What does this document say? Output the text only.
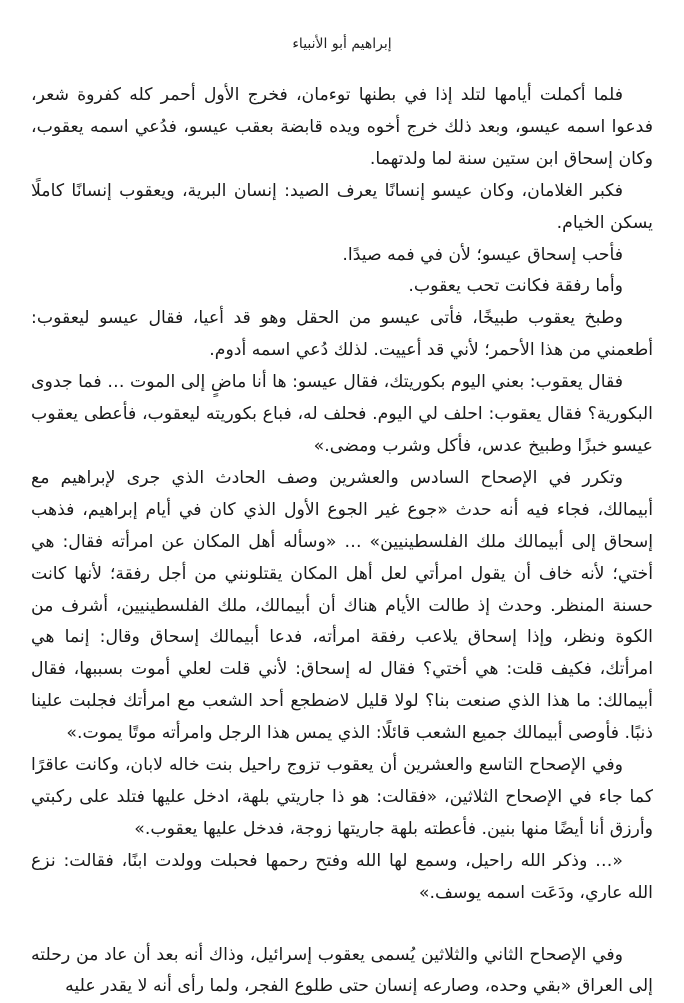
إبراهيم أبو الأنبياء

فلما أكملت أيامها لتلد إذا في بطنها توءمان، فخرج الأول أحمر كله كفروة شعر، فدعوا اسمه عيسو، وبعد ذلك خرج أخوه ويده قابضة بعقب عيسو، فدُعي اسمه يعقوب، وكان إسحاق ابن ستين سنة لما ولدتهما.

فكبر الغلامان، وكان عيسو إنسانًا يعرف الصيد: إنسان البرية، ويعقوب إنسانًا كاملًا يسكن الخيام.

فأحب إسحاق عيسو؛ لأن في فمه صيدًا.

وأما رفقة فكانت تحب يعقوب.

وطبخ يعقوب طبيخًا، فأتى عيسو من الحقل وهو قد أعيا، فقال عيسو ليعقوب: أطعمني من هذا الأحمر؛ لأني قد أعييت. لذلك دُعي اسمه أدوم.

فقال يعقوب: بعني اليوم بكوريتك، فقال عيسو: ها أنا ماضٍ إلى الموت … فما جدوى البكورية؟ فقال يعقوب: احلف لي اليوم. فحلف له، فباع بكوريته ليعقوب، فأعطى يعقوب عيسو خبزًا وطبيخ عدس، فأكل وشرب ومضى.»

وتكرر في الإصحاح السادس والعشرين وصف الحادث الذي جرى لإبراهيم مع أبيمالك، فجاء فيه أنه حدث «جوع غير الجوع الأول الذي كان في أيام إبراهيم، فذهب إسحاق إلى أبيمالك ملك الفلسطينيين» … «وسأله أهل المكان عن امرأته فقال: هي أختي؛ لأنه خاف أن يقول امرأتي لعل أهل المكان يقتلونني من أجل رفقة؛ لأنها كانت حسنة المنظر. وحدث إذ طالت الأيام هناك أن أبيمالك، ملك الفلسطينيين، أشرف من الكوة ونظر، وإذا إسحاق يلاعب رفقة امرأته، فدعا أبيمالك إسحاق وقال: إنما هي امرأتك، فكيف قلت: هي أختي؟ فقال له إسحاق: لأني قلت لعلي أموت بسببها، فقال أبيمالك: ما هذا الذي صنعت بنا؟ لولا قليل لاضطجع أحد الشعب مع امرأتك فجلبت علينا ذنبًا. فأوصى أبيمالك جميع الشعب قائلًا: الذي يمس هذا الرجل وامرأته موتًا يموت.»

وفي الإصحاح التاسع والعشرين أن يعقوب تزوج راحيل بنت خاله لابان، وكانت عاقرًا كما جاء في الإصحاح الثلاثين، «فقالت: هو ذا جاريتي بلهة، ادخل عليها فتلد على ركبتي وأرزق أنا أيضًا منها بنين. فأعطته بلهة جاريتها زوجة، فدخل عليها يعقوب.»

«… وذكر الله راحيل، وسمع لها الله وفتح رحمها فحبلت وولدت ابنًا، فقالت: نزع الله عاري، ودَعَت اسمه يوسف.»

وفي الإصحاح الثاني والثلاثين يُسمى يعقوب إسرائيل، وذاك أنه بعد أن عاد من رحلته إلى العراق «بقي وحده، وصارعه إنسان حتى طلوع الفجر، ولما رأى أنه لا يقدر عليه
